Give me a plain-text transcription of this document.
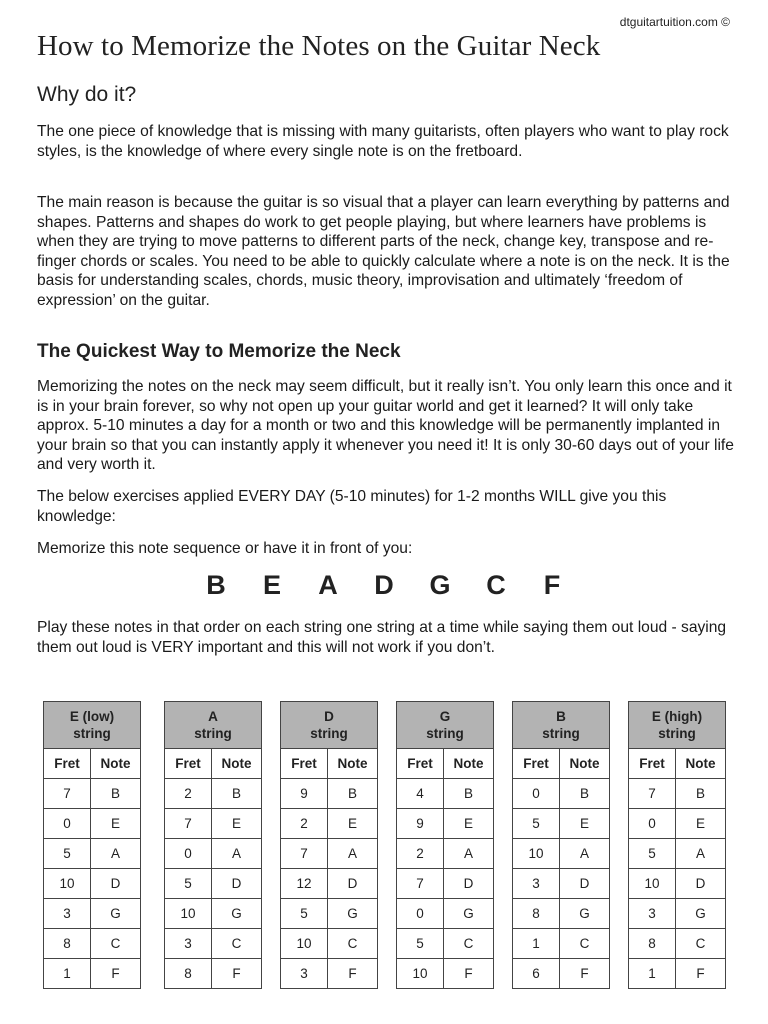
dtguitartuition.com ©
How to Memorize the Notes on the Guitar Neck
Why do it?

The one piece of knowledge that is missing with many guitarists, often players who want to play rock styles, is the knowledge of where every single note is on the fretboard.

The main reason is because the guitar is so visual that a player can learn everything by patterns and shapes. Patterns and shapes do work to get people playing, but where learners have problems is when they are trying to move patterns to different parts of the neck, change key, transpose and re-finger chords or scales. You need to be able to quickly calculate where a note is on the neck. It is the basis for understanding scales, chords, music theory, improvisation and ultimately ‘freedom of expression’ on the guitar.

The Quickest Way to Memorize the Neck

Memorizing the notes on the neck may seem difficult, but it really isn’t. You only learn this once and it is in your brain forever, so why not open up your guitar world and get it learned? It will only take approx. 5-10 minutes a day for a month or two and this knowledge will be permanently implanted in your brain so that you can instantly apply it whenever you need it! It is only 30-60 days out of your life and very worth it.

The below exercises applied EVERY DAY (5-10 minutes) for 1-2 months WILL give you this knowledge:

Memorize this note sequence or have it in front of you:

B	E	A	D	G	C	F

Play these notes in that order on each string one string at a time while saying them out loud - saying them out loud is VERY important and this will not work if you don’t.

E (low)
string	

Fret	Note
7	B
0	E
5	A
10	D
3	G
8	C
1	F
A
string	

Fret	Note
2	B
7	E
0	A
5	D
10	G
3	C
8	F
D
string	

Fret	Note
9	B
2	E
7	A
12	D
5	G
10	C
3	F
G
string	

Fret	Note
4	B
9	E
2	A
7	D
0	G
5	C
10	F
B
string	

Fret	Note
0	B
5	E
10	A
3	D
8	G
1	C
6	F
E (high)
string	

Fret	Note
7	B
0	E
5	A
10	D
3	G
8	C
1	F
